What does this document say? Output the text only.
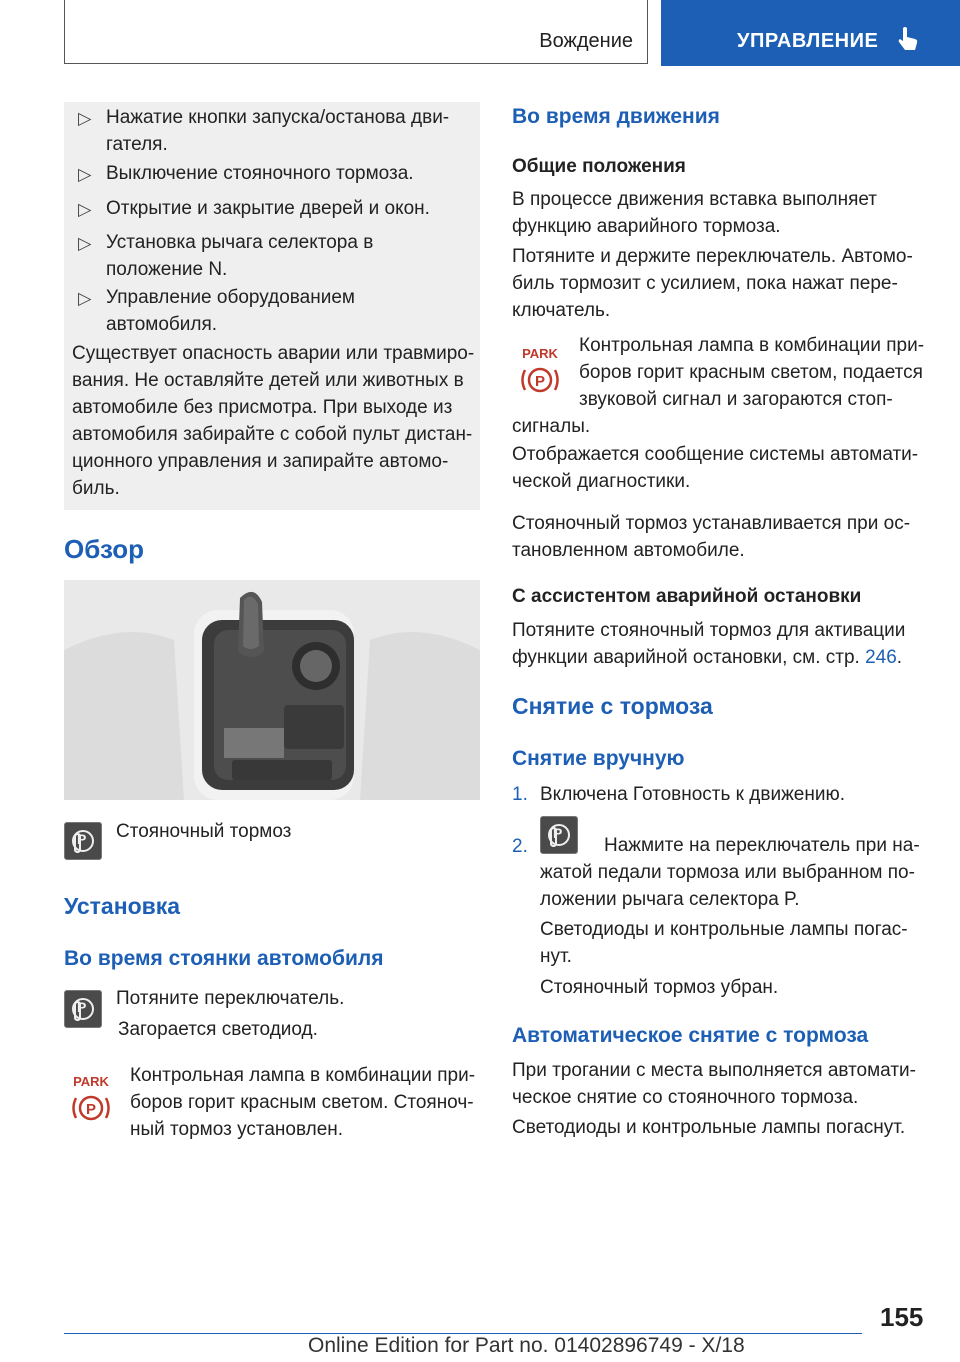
Вождение	УПРАВЛЕНИЕ
▷ Нажатие кнопки запуска/останова дви-
гателя.
▷ Выключение стояночного тормоза.
▷ Открытие и закрытие дверей и окон.
▷ Установка рычага селектора в
положение N.
▷ Управление оборудованием
автомобиля.
Существует опасность аварии или травмиро-
вания. Не оставляйте детей или животных в
автомобиле без присмотра. При выходе из
автомобиля забирайте с собой пульт дистан-
ционного управления и запирайте автомо-
биль.
Обзор
P Стояночный тормоз
Установка
Во время стоянки автомобиля
P Потяните переключатель.
Загорается светодиод.
PARK
P
Контрольная лампа в комбинации при-
боров горит красным светом. Стояноч-
ный тормоз установлен.
Во время движения
Общие положения
В процессе движения вставка выполняет
функцию аварийного тормоза.
Потяните и держите переключатель. Автомо-
биль тормозит с усилием, пока нажат пере-
ключатель.
PARK
P
Контрольная лампа в комбинации при-
боров горит красным светом, подается
звуковой сигнал и загораются стоп-
сигналы.
Отображается сообщение системы автомати-
ческой диагностики.
Стояночный тормоз устанавливается при ос-
тановленном автомобиле.
С ассистентом аварийной остановки
Потяните стояночный тормоз для активации
функции аварийной остановки, см. стр. 246.
Снятие с тормоза
Снятие вручную
1. Включена Готовность к движению.
2.
P
Нажмите на переключатель при на-
жатой педали тормоза или выбранном по-
ложении рычага селектора P.
Светодиоды и контрольные лампы погас-
нут.
Стояночный тормоз убран.
Автоматическое снятие с тормоза
При трогании с места выполняется автомати-
ческое снятие со стояночного тормоза.
Светодиоды и контрольные лампы погаснут.
155
Online Edition for Part no. 01402896749 - X/18
